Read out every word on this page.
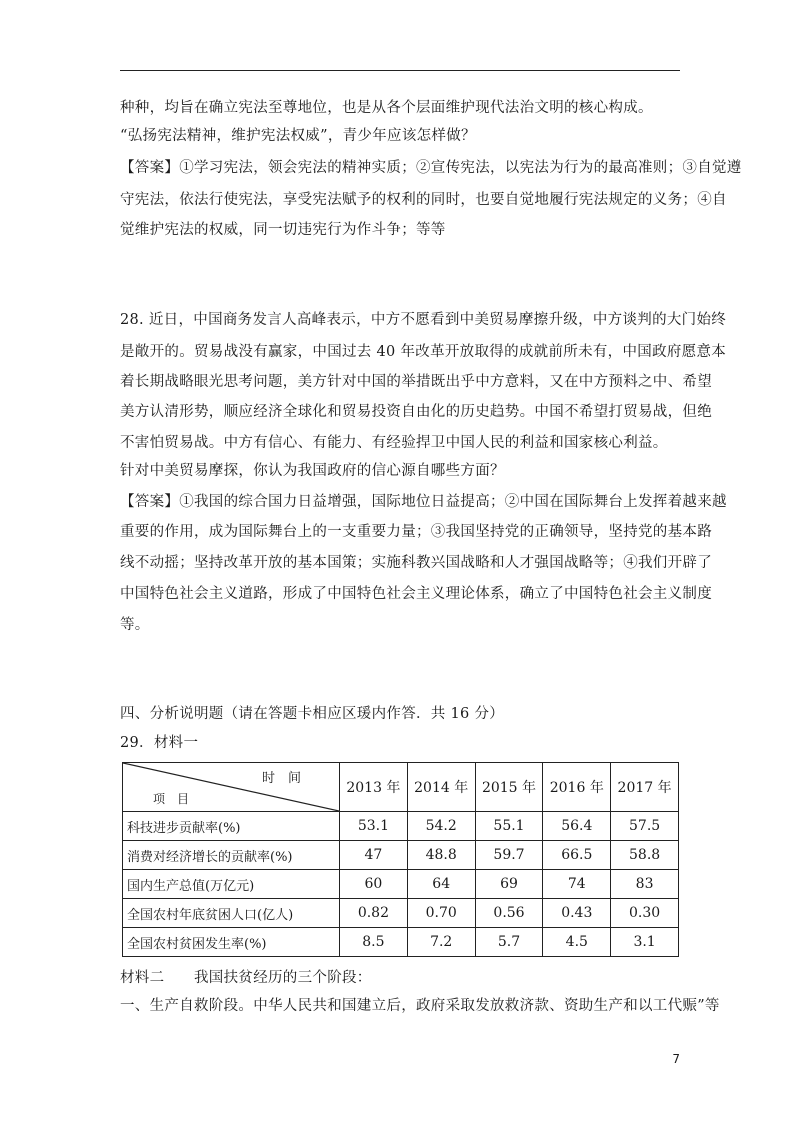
种种，均旨在确立宪法至尊地位，也是从各个层面维护现代法治文明的核心构成。
“弘扬宪法精神，维护宪法权威”，青少年应该怎样做？
【答案】①学习宪法，领会宪法的精神实质；②宣传宪法，以宪法为行为的最高准则；③自觉遵
守宪法，依法行使宪法，享受宪法赋予的权利的同时，也要自觉地履行宪法规定的义务；④自
觉维护宪法的权威，同一切违宪行为作斗争；等等
28. 近日，中国商务发言人高峰表示，中方不愿看到中美贸易摩擦升级，中方谈判的大门始终
是敞开的。贸易战没有赢家，中国过去 40 年改革开放取得的成就前所未有，中国政府愿意本
着长期战略眼光思考问题，美方针对中国的举措既出乎中方意料，又在中方预料之中、希望
美方认清形势，顺应经济全球化和贸易投资自由化的历史趋势。中国不希望打贸易战，但绝
不害怕贸易战。中方有信心、有能力、有经验捍卫中国人民的利益和国家核心利益。
针对中美贸易摩探，你认为我国政府的信心源自哪些方面？
【答案】①我国的综合国力日益增强，国际地位日益提高；②中国在国际舞台上发挥着越来越
重要的作用，成为国际舞台上的一支重要力量；③我国坚持党的正确领导，坚持党的基本路
线不动摇；坚持改革开放的基本国策；实施科教兴国战略和人才强国战略等；④我们开辟了
中国特色社会主义道路，形成了中国特色社会主义理论体系，确立了中国特色社会主义制度
等。
四、分析说明题（请在答题卡相应区瑗内作答．共 16 分）
29．材料一
时　间
项　目	2013 年	2014 年	2015 年	2016 年	2017 年
科技进步贡献率(%)	53.1	54.2	55.1	56.4	57.5
消费对经济增长的贡献率(%)	47	48.8	59.7	66.5	58.8
国内生产总值(万亿元)	60	64	69	74	83
全国农村年底贫困人口(亿人)	0.82	0.70	0.56	0.43	0.30
全国农村贫困发生率(%)	8.5	7.2	5.7	4.5	3.1
材料二　　我国扶贫经历的三个阶段：
一、生产自救阶段。中华人民共和国建立后，政府采取发放救济款、资助生产和以工代赈”等
7
